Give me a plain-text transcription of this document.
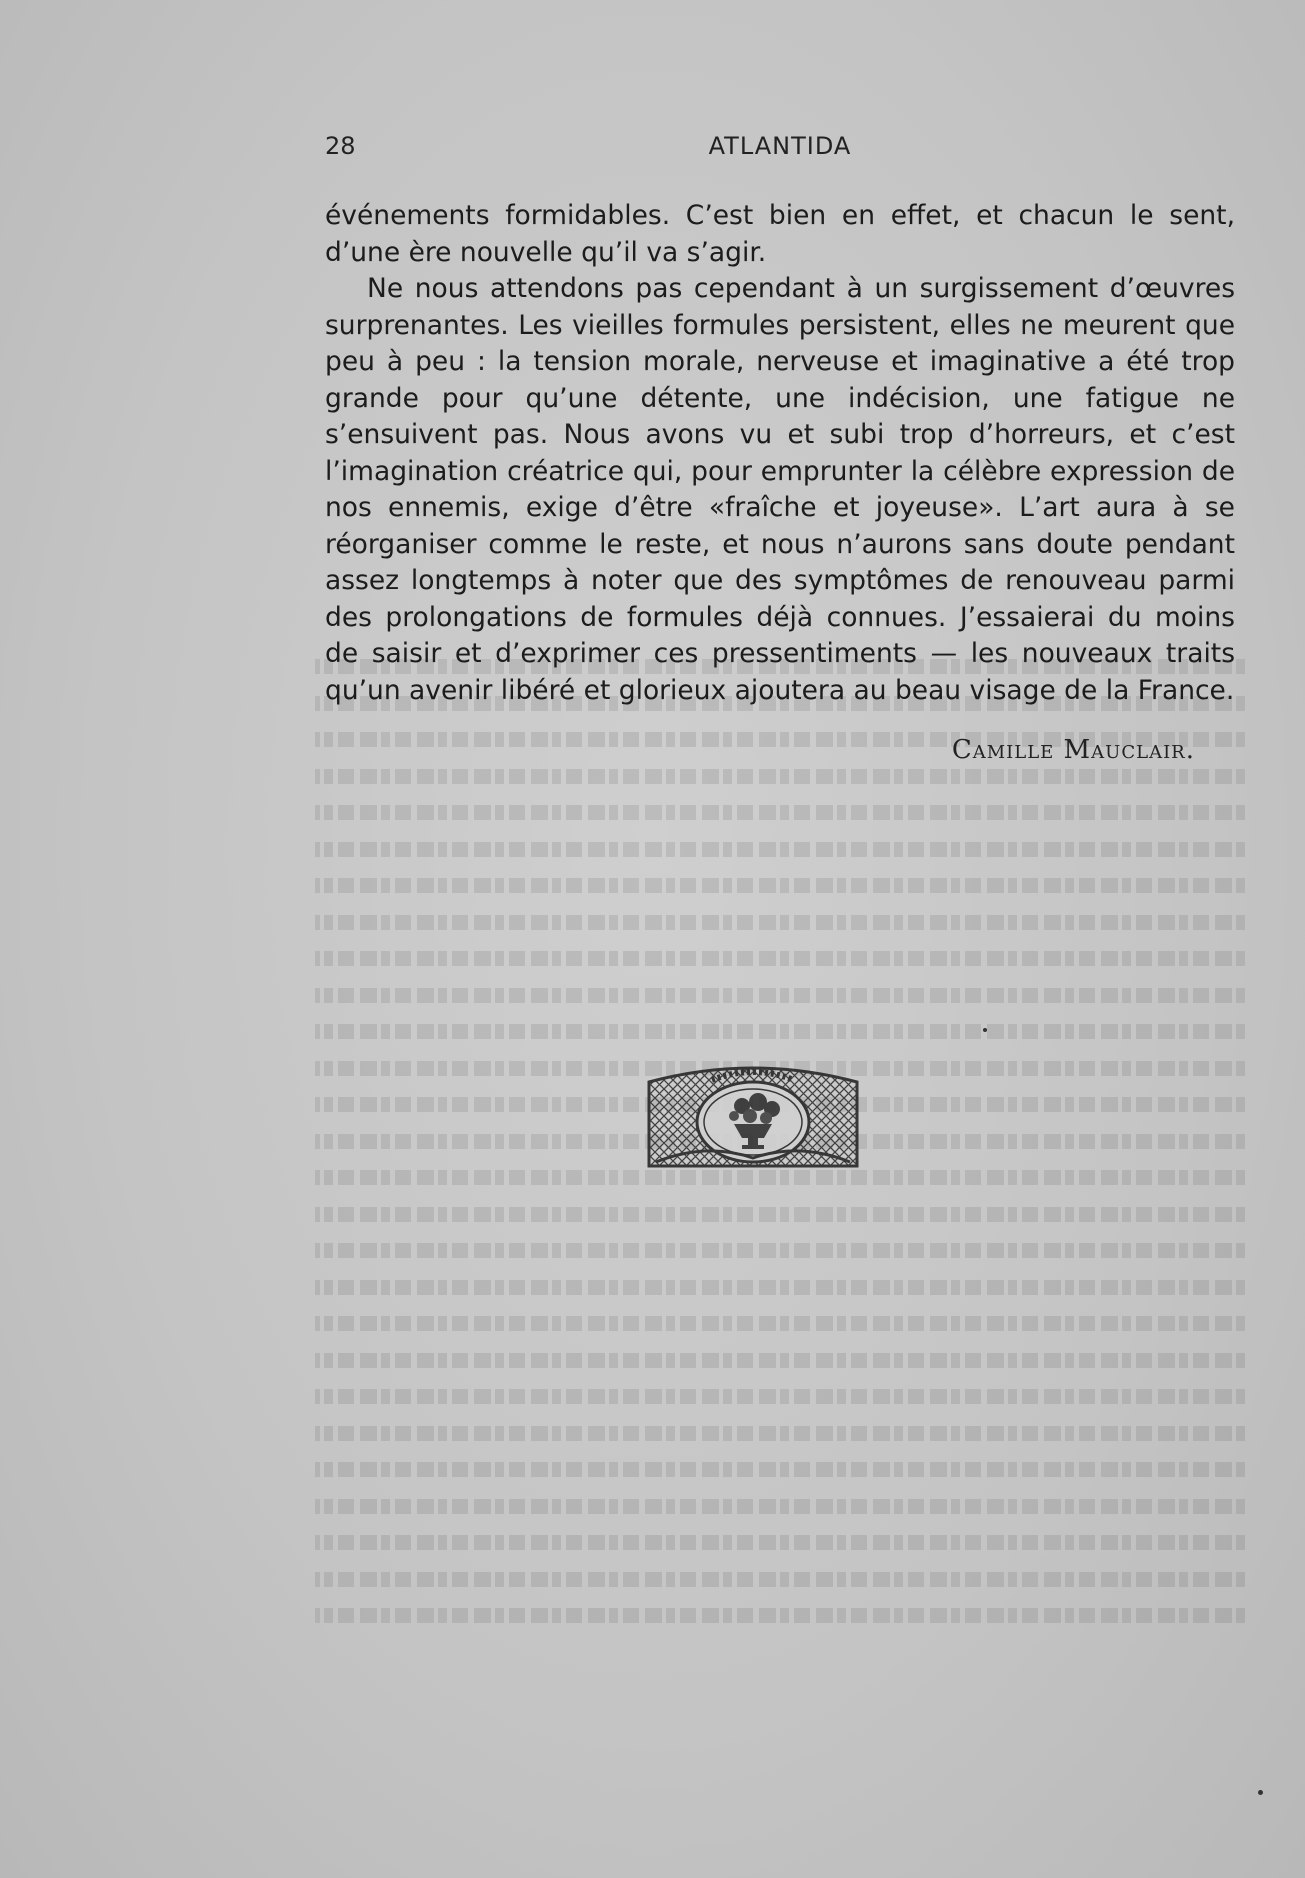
28	ATLANTIDA

événements formidables. C’est bien en effet, et chacun le sent, d’une ère nouvelle qu’il va s’agir.

Ne nous attendons pas cependant à un surgissement d’œuvres surprenantes. Les vieilles formules persistent, elles ne meurent que peu à peu : la tension morale, nerveuse et imaginative a été trop grande pour qu’une détente, une indécision, une fatigue ne s’ensuivent pas. Nous avons vu et subi trop d’horreurs, et c’est l’imagination créatrice qui, pour emprunter la célèbre expression de nos ennemis, exige d’être «fraîche et joyeuse». L’art aura à se réorganiser comme le reste, et nous n’aurons sans doute pendant assez longtemps à noter que des symptômes de renouveau parmi des prolongations de formules déjà connues. J’essaierai du moins de saisir et d’exprimer ces pressentiments — les nouveaux traits qu’un avenir libéré et glorieux ajoutera au beau visage de la France.

Camille Mauclair.
